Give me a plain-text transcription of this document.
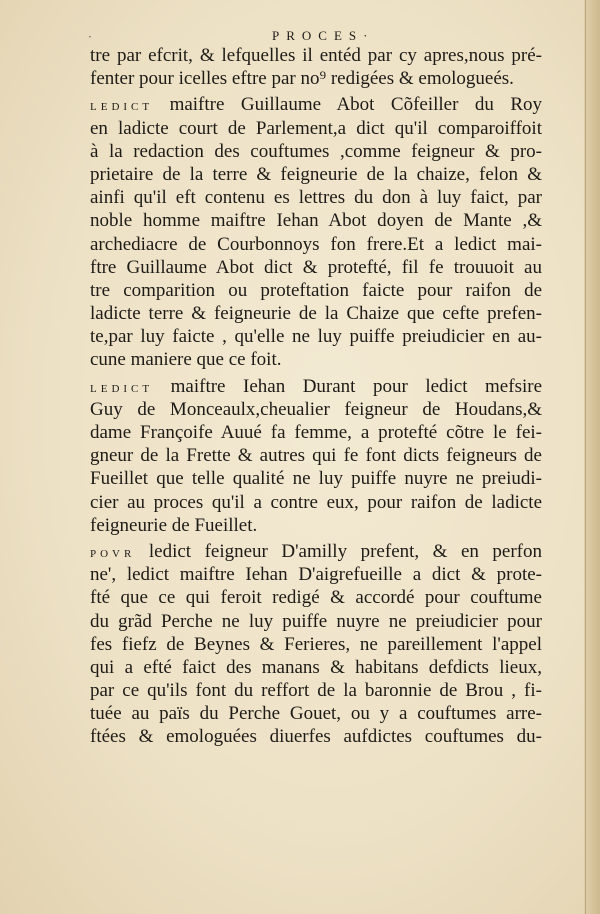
·	PROCES·
tre par efcrit, & lefquelles il entéd par cy apres,nous pré-
fenter pour icelles eftre par no⁹ redigées & emologueés.
LEDICT maiftre Guillaume Abot Cõfeiller du Roy
en ladicte court de Parlement,a dict qu'il comparoiffoit
à la redaction des couftumes ,comme feigneur & pro-
prietaire de la terre & feigneurie de la chaize, felon &
ainfi qu'il eft contenu es lettres du don à luy faict, par
noble homme maiftre Iehan Abot doyen de Mante ,&
archediacre de Courbonnoys fon frere.Et a ledict mai-
ftre Guillaume Abot dict & protefté, fil fe trouuoit au
tre comparition ou proteftation faicte pour raifon de
ladicte terre & feigneurie de la Chaize que cefte prefen-
te,par luy faicte , qu'elle ne luy puiffe preiudicier en au-
cune maniere que ce foit.
LEDICT maiftre Iehan Durant pour ledict mefsire
Guy de Monceaulx,cheualier feigneur de Houdans,&
dame Françoife Auué fa femme, a protefté cõtre le fei-
gneur de la Frette & autres qui fe font dicts feigneurs de
Fueillet que telle qualité ne luy puiffe nuyre ne preiudi-
cier au proces qu'il a contre eux, pour raifon de ladicte
feigneurie de Fueillet.
POVR ledict feigneur D'amilly prefent, & en perfon
ne', ledict maiftre Iehan D'aigrefueille a dict & prote-
fté que ce qui feroit redigé & accordé pour couftume
du grãd Perche ne luy puiffe nuyre ne preiudicier pour
fes fiefz de Beynes & Ferieres, ne pareillement l'appel
qui a efté faict des manans & habitans defdicts lieux,
par ce qu'ils font du reffort de la baronnie de Brou , fi-
tuée au païs du Perche Gouet, ou y a couftumes arre-
ftées & emologuées diuerfes aufdictes couftumes du-
